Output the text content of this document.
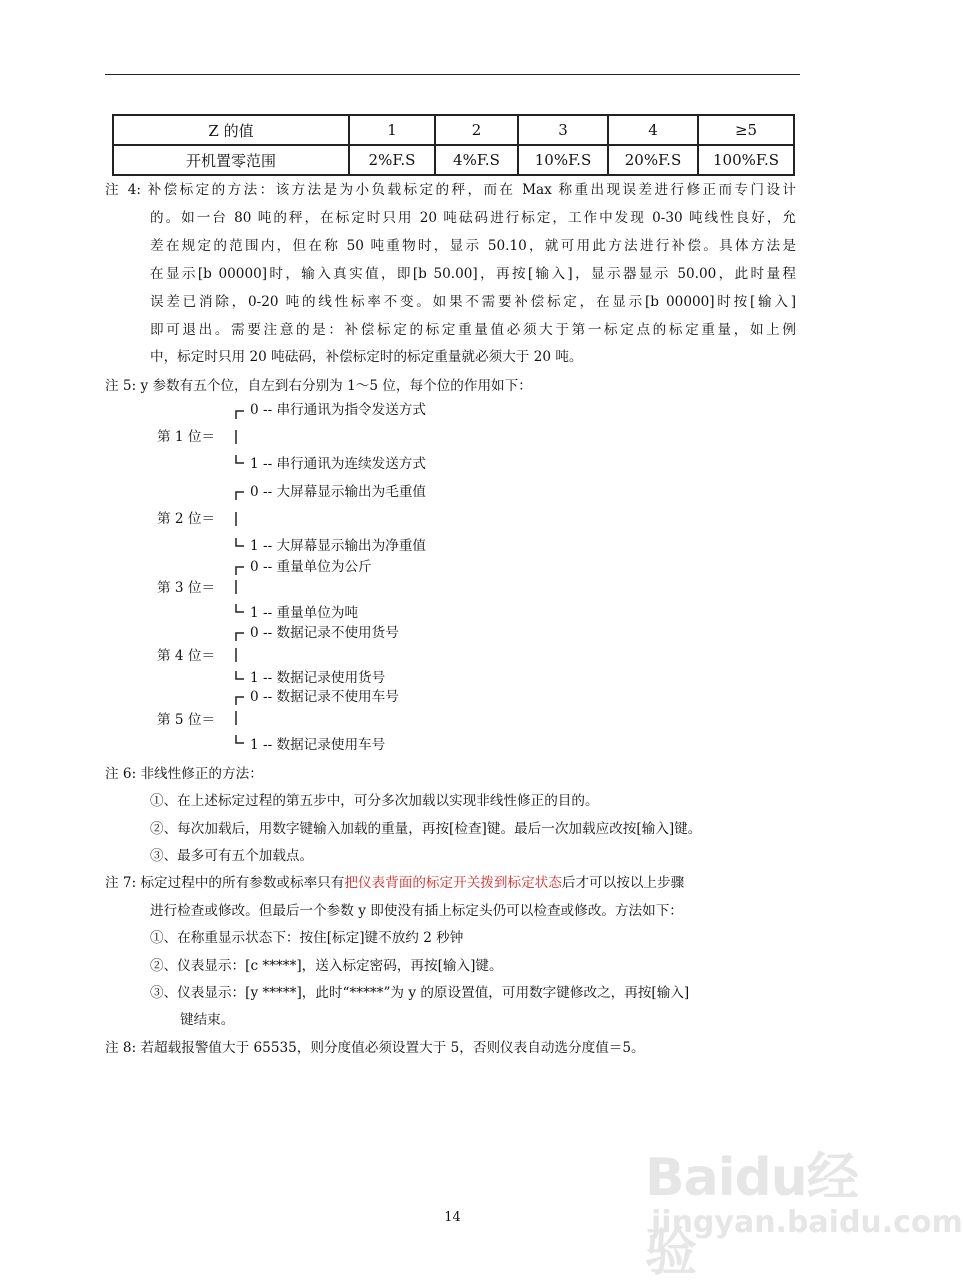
Z 的值	1	2	3	4	≥5
开机置零范围	2%F.S	4%F.S	10%F.S	20%F.S	100%F.S
注 4: 补偿标定的方法：该方法是为小负载标定的秤，而在 Max 称重出现误差进行修正而专门设计
的。如一台 80 吨的秤，在标定时只用 20 吨砝码进行标定，工作中发现 0-30 吨线性良好，允
差在规定的范围内，但在称 50 吨重物时，显示 50.10，就可用此方法进行补偿。具体方法是
在显示[b 00000]时，输入真实值，即[b 50.00]，再按[输入]，显示器显示 50.00，此时量程
误差已消除，0-20 吨的线性标率不变。如果不需要补偿标定，在显示[b 00000]时按[输入]
即可退出。需要注意的是：补偿标定的标定重量值必须大于第一标定点的标定重量，如上例
中，标定时只用 20 吨砝码，补偿标定时的标定重量就必须大于 20 吨。
注 5: y 参数有五个位，自左到右分别为 1～5 位，每个位的作用如下：
0 -- 串行通讯为指令发送方式
第 1 位＝
1 -- 串行通讯为连续发送方式
0 -- 大屏幕显示输出为毛重值
第 2 位＝
1 -- 大屏幕显示输出为净重值
0 -- 重量单位为公斤
第 3 位＝
1 -- 重量单位为吨
0 -- 数据记录不使用货号
第 4 位＝
1 -- 数据记录使用货号
0 -- 数据记录不使用车号
第 5 位＝
1 -- 数据记录使用车号
注 6: 非线性修正的方法：
①、在上述标定过程的第五步中，可分多次加载以实现非线性修正的目的。
②、每次加载后，用数字键输入加载的重量，再按[检查]键。最后一次加载应改按[输入]键。
③、最多可有五个加载点。
注 7: 标定过程中的所有参数或标率只有把仪表背面的标定开关拨到标定状态后才可以按以上步骤
进行检查或修改。但最后一个参数 y 即使没有插上标定头仍可以检查或修改。方法如下：
①、在称重显示状态下：按住[标定]键不放约 2 秒钟
②、仪表显示：[c *****]，送入标定密码，再按[输入]键。
③、仪表显示：[y *****]，此时“*****”为 y 的原设置值，可用数字键修改之，再按[输入]
键结束。
注 8: 若超载报警值大于 65535，则分度值必须设置大于 5，否则仪表自动选分度值＝5。
14
Baidu经验
jingyan.baidu.com
